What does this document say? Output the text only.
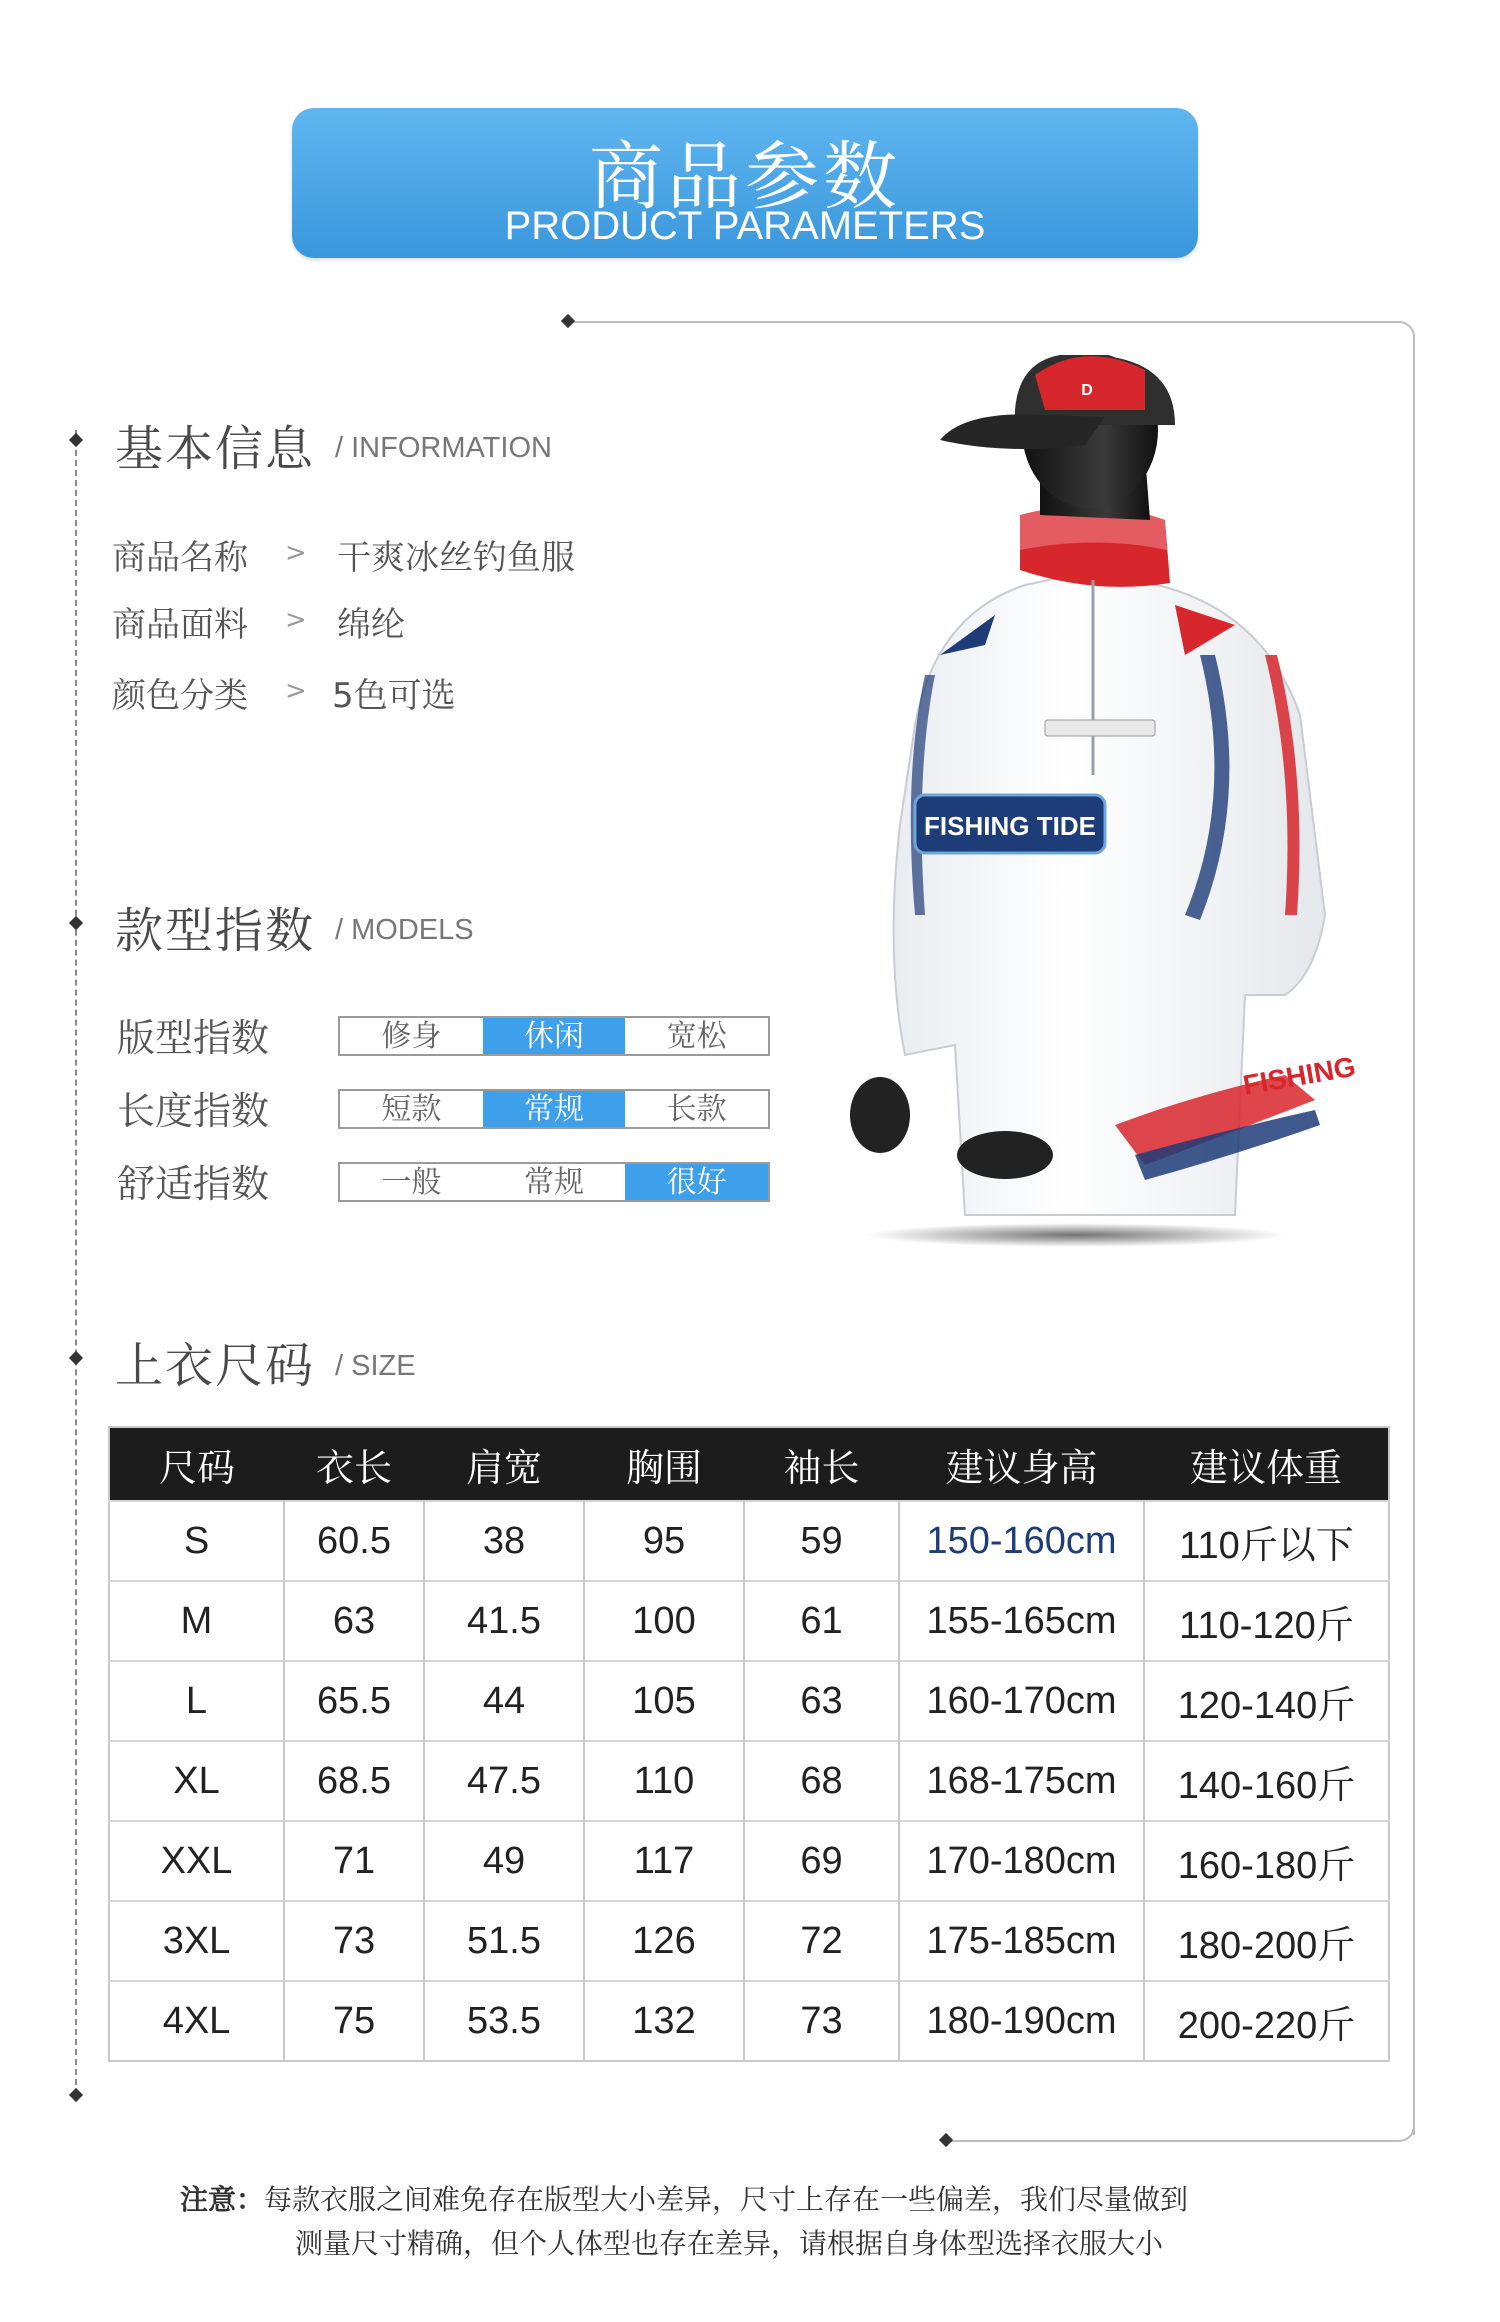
商品参数
PRODUCT PARAMETERS
基本信息 / INFORMATION
商品名称 > 干爽冰丝钓鱼服
商品面料 > 绵纶
颜色分类 > 5色可选
款型指数 / MODELS
版型指数	修身	休闲	宽松
长度指数	短款	常规	长款
舒适指数	一般	常规	很好
FISHING TIDE
FISHING
D
上衣尺码 / SIZE
尺码	衣长	肩宽	胸围	袖长	建议身高	建议体重
S	60.5	38	95	59	150-160cm	110斤以下
M	63	41.5	100	61	155-165cm	110-120斤
L	65.5	44	105	63	160-170cm	120-140斤
XL	68.5	47.5	110	68	168-175cm	140-160斤
XXL	71	49	117	69	170-180cm	160-180斤
3XL	73	51.5	126	72	175-185cm	180-200斤
4XL	75	53.5	132	73	180-190cm	200-220斤
注意：每款衣服之间难免存在版型大小差异，尺寸上存在一些偏差，我们尽量做到
测量尺寸精确，但个人体型也存在差异，请根据自身体型选择衣服大小
